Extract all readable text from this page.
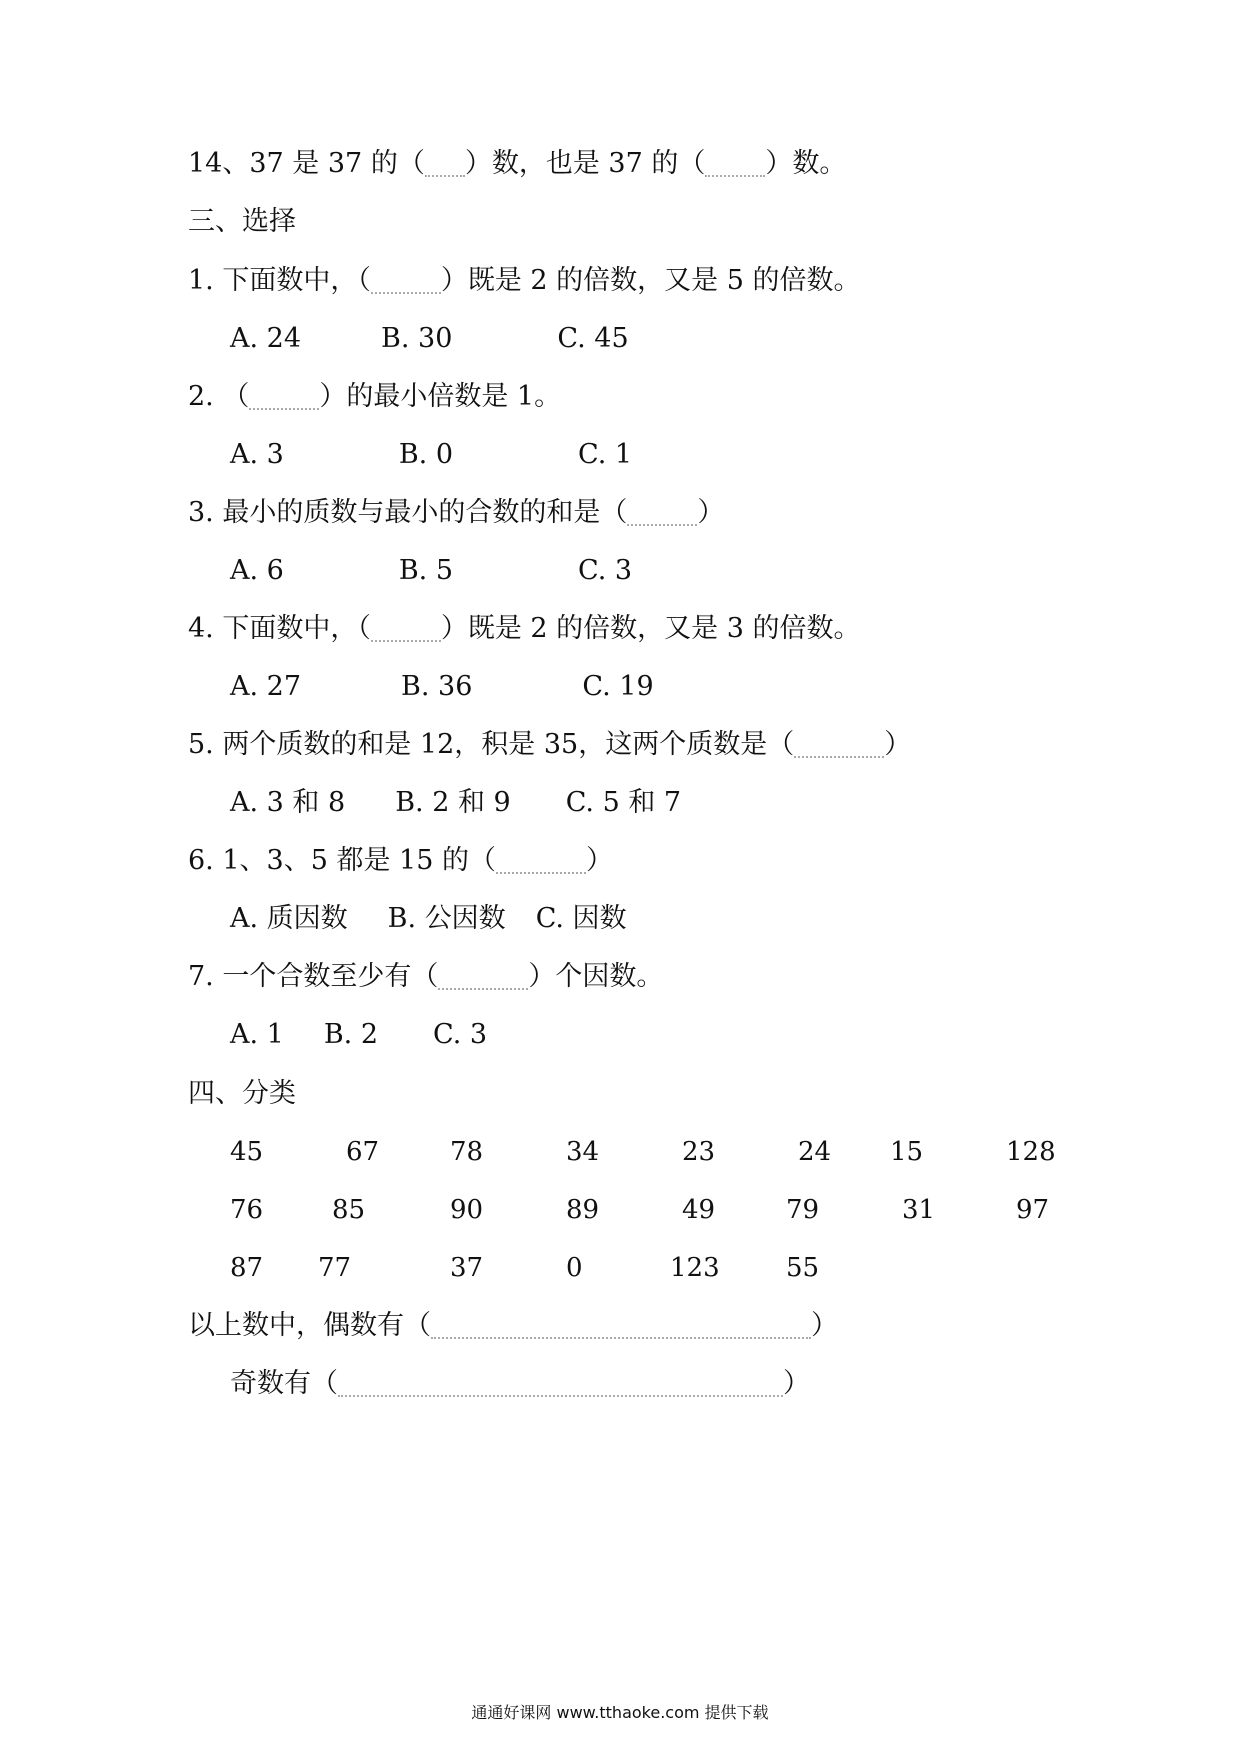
14、37 是 37 的（ ）数，也是 37 的（ ）数。
三、选择
1. 下面数中，（	）既是 2 的倍数，又是 5 的倍数。
A. 24	B. 30	C. 45
2. （	）的最小倍数是 1。
A. 3	B. 0	C. 1
3. 最小的质数与最小的合数的和是（	）
A. 6	B. 5	C. 3
4. 下面数中，（	）既是 2 的倍数，又是 3 的倍数。
A. 27	B. 36	C. 19
5. 两个质数的和是 12，积是 35，这两个质数是（	）
A. 3 和 8 B. 2 和 9 C. 5 和 7
6. 1、3、5 都是 15 的（	）
A. 质因数 B. 公因数 C. 因数
7. 一个合数至少有（	）个因数。
A. 1 B. 2 C. 3
四、分类
45	67	78	34	23	24 15	128
76	85	90	89	49	79	31	97
87 77	37	0	123	55
以上数中，偶数有（	）
奇数有（	）
通通好课网 www.tthaoke.com 提供下载
